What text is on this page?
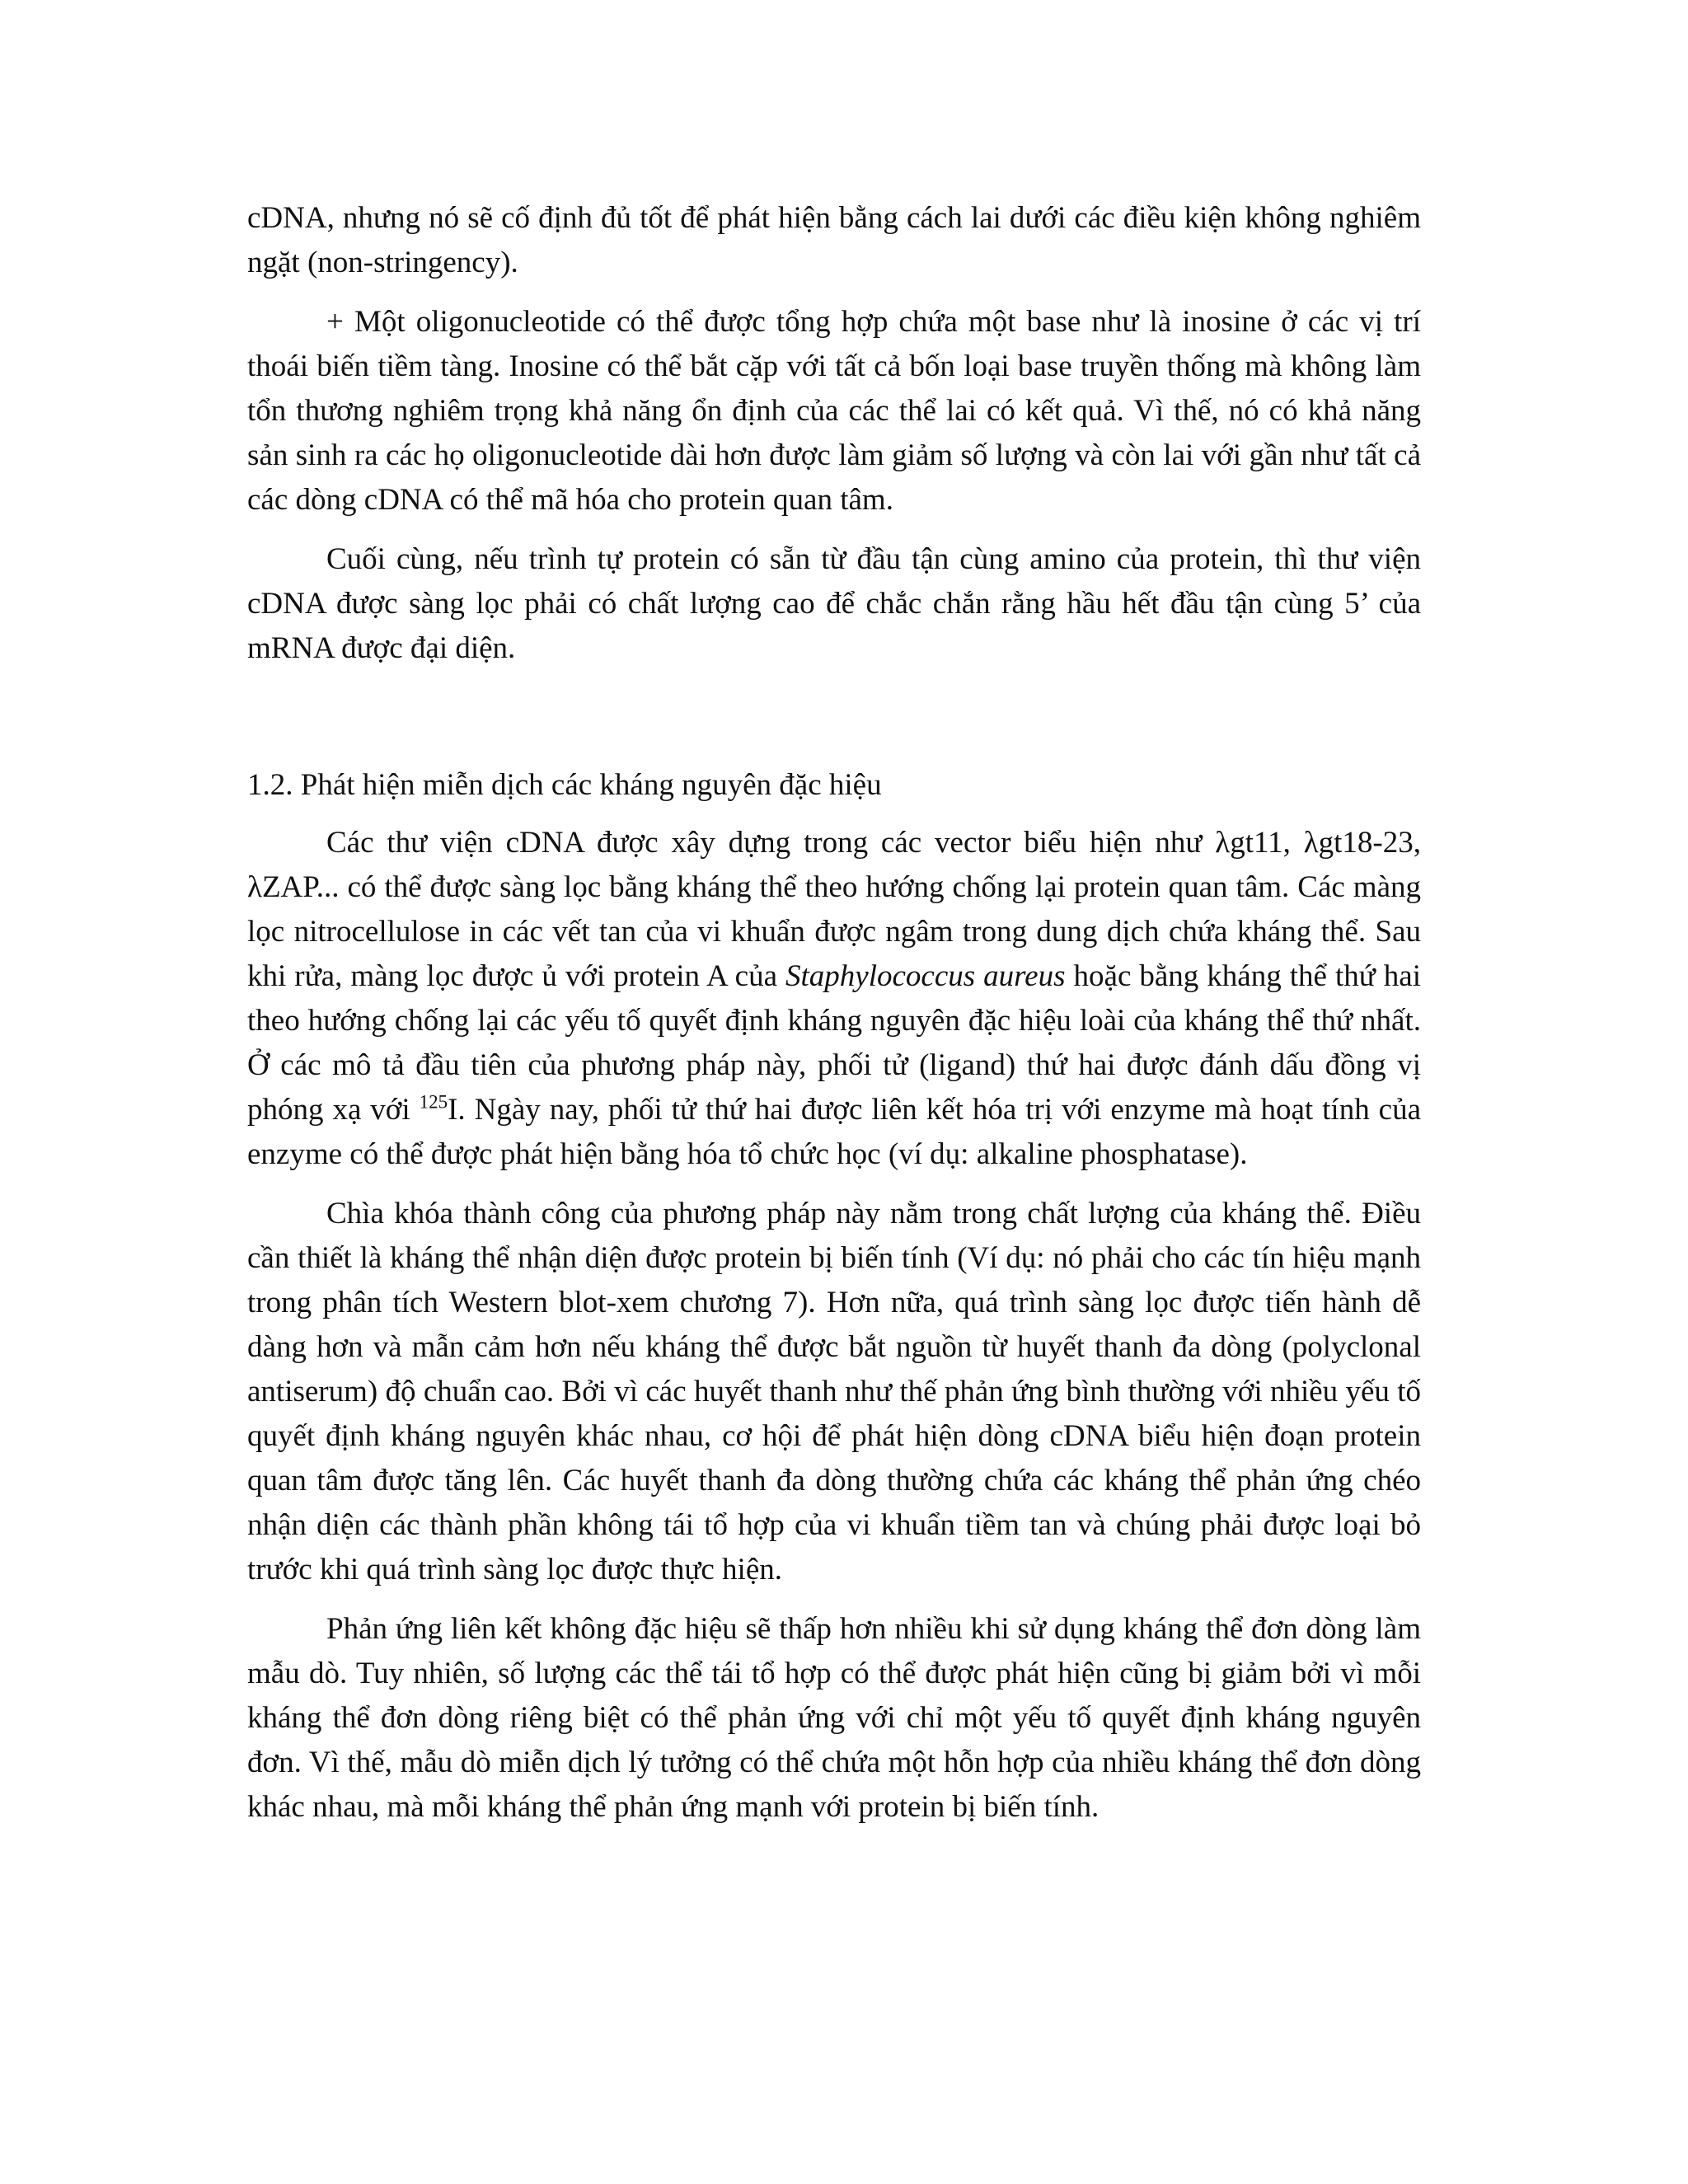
cDNA, nhưng nó sẽ cố định đủ tốt để phát hiện bằng cách lai dưới các điều kiện không nghiêm ngặt (non-stringency).

+ Một oligonucleotide có thể được tổng hợp chứa một base như là inosine ở các vị trí thoái biến tiềm tàng. Inosine có thể bắt cặp với tất cả bốn loại base truyền thống mà không làm tổn thương nghiêm trọng khả năng ổn định của các thể lai có kết quả. Vì thế, nó có khả năng sản sinh ra các họ oligonucleotide dài hơn được làm giảm số lượng và còn lai với gần như tất cả các dòng cDNA có thể mã hóa cho protein quan tâm.

Cuối cùng, nếu trình tự protein có sẵn từ đầu tận cùng amino của protein, thì thư viện cDNA được sàng lọc phải có chất lượng cao để chắc chắn rằng hầu hết đầu tận cùng 5’ của mRNA được đại diện.

1.2. Phát hiện miễn dịch các kháng nguyên đặc hiệu

Các thư viện cDNA được xây dựng trong các vector biểu hiện như λgt11, λgt18-23, λZAP... có thể được sàng lọc bằng kháng thể theo hướng chống lại protein quan tâm. Các màng lọc nitrocellulose in các vết tan của vi khuẩn được ngâm trong dung dịch chứa kháng thể. Sau khi rửa, màng lọc được ủ với protein A của Staphylococcus aureus hoặc bằng kháng thể thứ hai theo hướng chống lại các yếu tố quyết định kháng nguyên đặc hiệu loài của kháng thể thứ nhất. Ở các mô tả đầu tiên của phương pháp này, phối tử (ligand) thứ hai được đánh dấu đồng vị phóng xạ với $^{125}$I. Ngày nay, phối tử thứ hai được liên kết hóa trị với enzyme mà hoạt tính của enzyme có thể được phát hiện bằng hóa tổ chức học (ví dụ: alkaline phosphatase).

Chìa khóa thành công của phương pháp này nằm trong chất lượng của kháng thể. Điều cần thiết là kháng thể nhận diện được protein bị biến tính (Ví dụ: nó phải cho các tín hiệu mạnh trong phân tích Western blot-xem chương 7). Hơn nữa, quá trình sàng lọc được tiến hành dễ dàng hơn và mẫn cảm hơn nếu kháng thể được bắt nguồn từ huyết thanh đa dòng (polyclonal antiserum) độ chuẩn cao. Bởi vì các huyết thanh như thế phản ứng bình thường với nhiều yếu tố quyết định kháng nguyên khác nhau, cơ hội để phát hiện dòng cDNA biểu hiện đoạn protein quan tâm được tăng lên. Các huyết thanh đa dòng thường chứa các kháng thể phản ứng chéo nhận diện các thành phần không tái tổ hợp của vi khuẩn tiềm tan và chúng phải được loại bỏ trước khi quá trình sàng lọc được thực hiện.

Phản ứng liên kết không đặc hiệu sẽ thấp hơn nhiều khi sử dụng kháng thể đơn dòng làm mẫu dò. Tuy nhiên, số lượng các thể tái tổ hợp có thể được phát hiện cũng bị giảm bởi vì mỗi kháng thể đơn dòng riêng biệt có thể phản ứng với chỉ một yếu tố quyết định kháng nguyên đơn. Vì thế, mẫu dò miễn dịch lý tưởng có thể chứa một hỗn hợp của nhiều kháng thể đơn dòng khác nhau, mà mỗi kháng thể phản ứng mạnh với protein bị biến tính.
